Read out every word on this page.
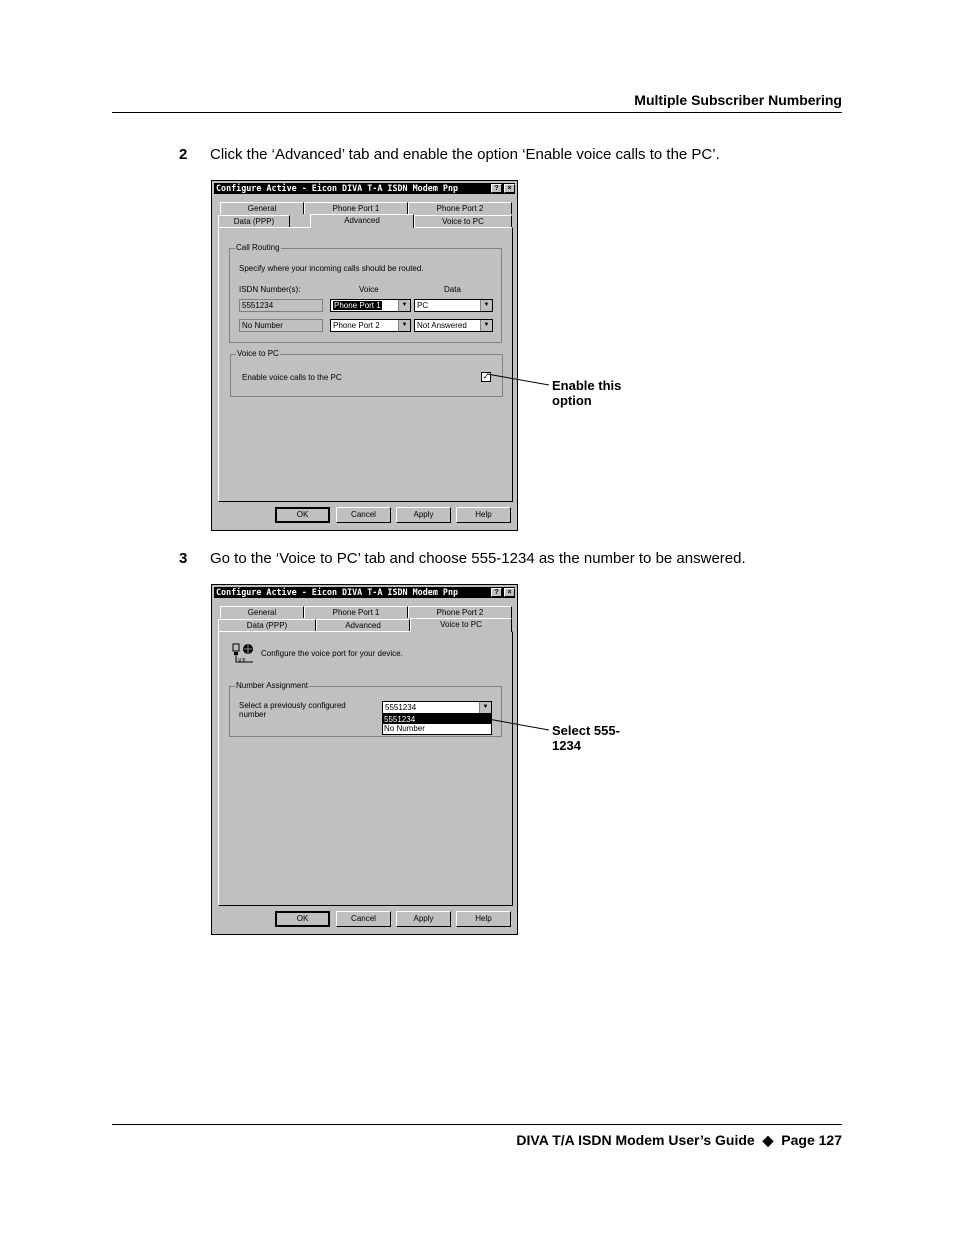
Multiple Subscriber Numbering
2 Click the ‘Advanced’ tab and enable the option ‘Enable voice calls to the PC’.
Configure Active - Eicon DIVA T-A ISDN Modem Pnp	?	×
General	Phone Port 1	Phone Port 2
Data (PPP)	Advanced	Voice to PC
Call Routing
Specify where your incoming calls should be routed.
ISDN Number(s):	Voice	Data
5551234	Phone Port 1	▼	PC	▼
No Number	Phone Port 2	▼	Not Answered	▼
Voice to PC
Enable voice calls to the PC	✓
OK	Cancel	Apply	Help
Enable this option
3 Go to the ‘Voice to PC’ tab and choose 555-1234 as the number to be answered.
Configure Active - Eicon DIVA T-A ISDN Modem Pnp	?	×
General	Phone Port 1	Phone Port 2
Data (PPP)	Advanced	Voice to PC
V.P.
Configure the voice port for your device.
Number Assignment
Select a previously configured number
5551234	▼
5551234
No Number
OK	Cancel	Apply	Help
Select 555-1234
DIVA T/A ISDN Modem User’s Guide ◆ Page 127
